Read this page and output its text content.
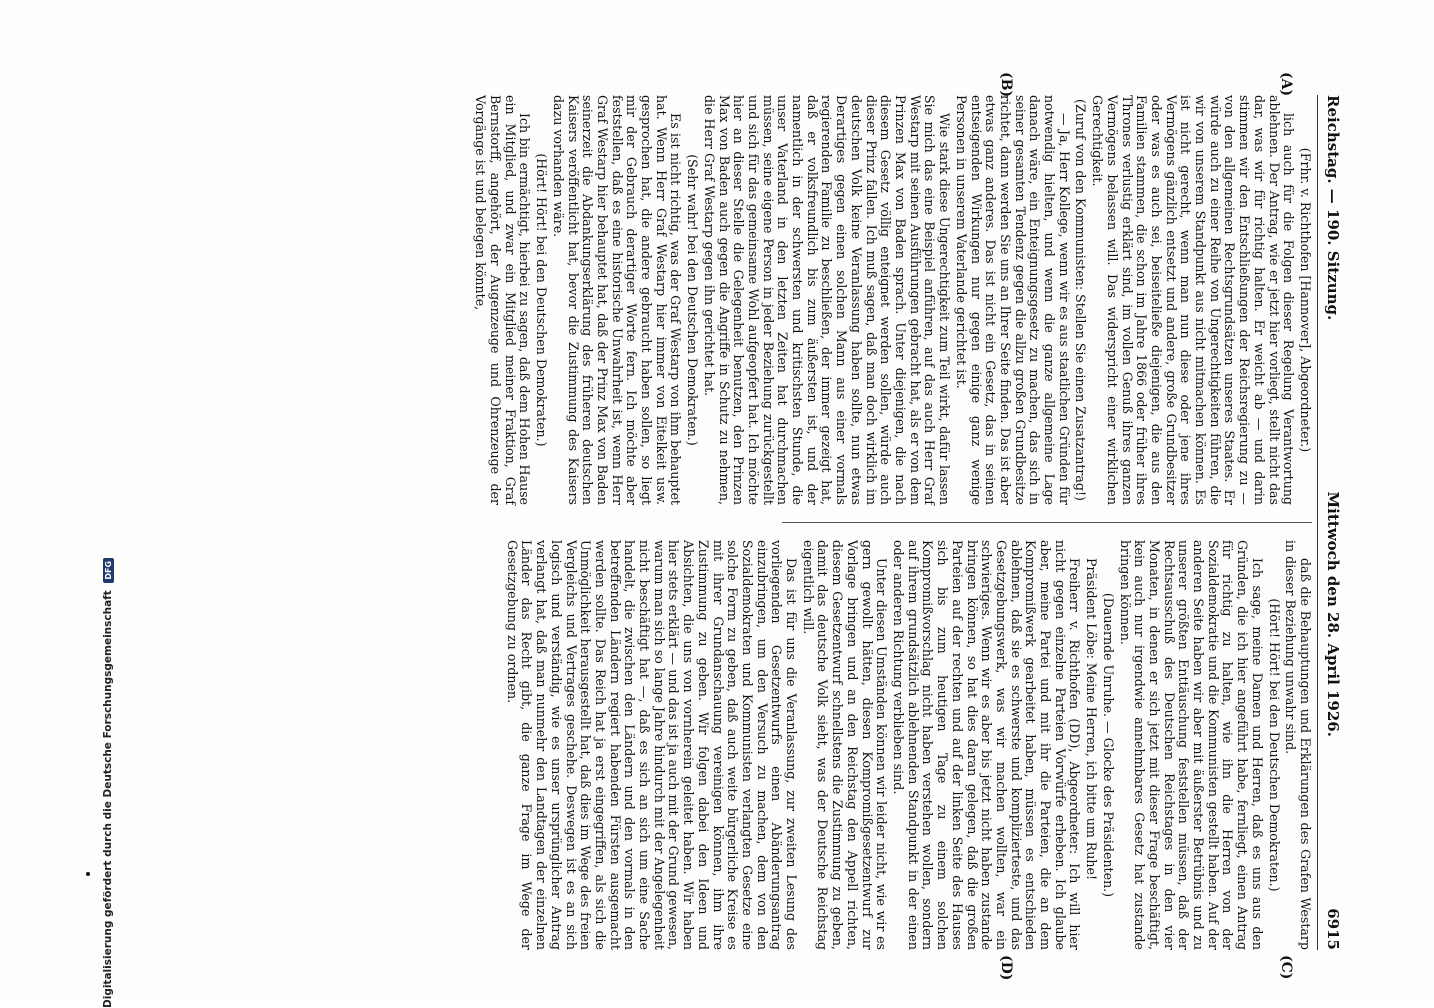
Reichstag. — 190. Sitzung.
Mittwoch den 28. April 1926.
6915
(A)
(B)
(C)
(D)

(Frhr. v. Richthofen [Hannover], Abgeordneter.)

lich auch für die Folgen dieser Regelung Verantwortung ablehnen. Der Antrag, wie er jetzt hier vorliegt, stellt nicht das dar, was wir für richtig halten. Er weicht ab — und darin stimmen wir den Entschließungen der Reichsregierung zu — von den allgemeinen Rechtsgrundsätzen unseres Staates. Er würde auch zu einer Reihe von Ungerechtigkeiten führen, die wir von unserem Standpunkt aus nicht mitmachen können. Es ist nicht gerecht, wenn man nun diese oder jene ihres Vermögens gänzlich entsetzt und andere, große Grundbesitzer oder was es auch sei, beiseiteließe diejenigen, die aus den Familien stammen, die schon im Jahre 1866 oder früher ihres Thrones verlustig erklärt sind, im vollen Genuß ihres ganzen Vermögens belassen will. Das widerspricht einer wirklichen Gerechtigkeit.

(Zuruf von den Kommunisten: Stellen Sie einen Zusatzantrag!)

— Ja, Herr Kollege, wenn wir es aus staatlichen Gründen für notwendig hielten, und wenn die ganze allgemeine Lage danach wäre, ein Enteignungsgesetz zu machen, das sich in seiner gesamten Tendenz gegen die allzu großen Grundbesitze richtet, dann werden Sie uns an Ihrer Seite finden. Das ist aber etwas ganz anderes. Das ist nicht ein Gesetz, das in seinen entseigenden Wirkungen nur gegen einige ganz wenige Personen in unserem Vaterlande gerichtet ist.

Wie stark diese Ungerechtigkeit zum Teil wirkt, dafür lassen Sie mich das eine Beispiel anführen, auf das auch Herr Graf Westarp mit seinen Ausführungen gebracht hat, als er von dem Prinzen Max von Baden sprach. Unter diejenigen, die nach diesem Gesetz völlig enteignet werden sollen, würde auch dieser Prinz fallen. Ich muß sagen, daß man doch wirklich im deutschen Volk keine Veranlassung haben sollte, nun etwas Derartiges gegen einen solchen Mann aus einer vormals regierenden Familie zu beschließen, der immer gezeigt hat, daß er volksfreundlich bis zum äußersten ist, und der namentlich in der schwersten und kritischsten Stunde, die unser Vaterland in den letzten Zeiten hat durchmachen müssen, seine eigene Person in jeder Beziehung zurückgestellt und sich für das gemeinsame Wohl aufgeopfert hat. Ich möchte hier an dieser Stelle die Gelegenheit benutzen, den Prinzen Max von Baden auch gegen die Angriffe in Schutz zu nehmen, die Herr Graf Westarp gegen ihn gerichtet hat.

(Sehr wahr! bei den Deutschen Demokraten.)

Es ist nicht richtig, was der Graf Westarp von ihm behauptet hat. Wenn Herr Graf Westarp hier immer von Eitelkeit usw. gesprochen hat, die andere gebraucht haben sollen, so liegt mir der Gebrauch derartiger Worte fern. Ich möchte aber feststellen, daß es eine historische Unwahrheit ist, wenn Herr Graf Westarp hier behauptet hat, daß der Prinz Max von Baden seinerzeit die Abdankungserklärung des früheren deutschen Kaisers veröffentlicht hat, bevor die Zustimmung des Kaisers dazu vorhanden wäre.

(Hört! Hört! bei den Deutschen Demokraten.)

Ich bin ermächtigt, hierbei zu sagen, daß dem Hohen Hause ein Mitglied, und zwar ein Mitglied meiner Fraktion, Graf Bernstorff, angehört, der Augenzeuge und Ohrenzeuge der Vorgänge ist und belegen könnte,

daß die Behauptungen und Erklärungen des Grafen Westarp in dieser Beziehung unwahr sind.

(Hört! Hört! bei den Deutschen Demokraten.)

Ich sage, meine Damen und Herren, daß es uns aus den Gründen, die ich hier angeführt habe, fernliegt, einen Antrag für richtig zu halten, wie ihn die Herren von der Sozialdemokratie und die Kommunisten gestellt haben. Auf der anderen Seite haben wir aber mit äußerster Betrübnis und zu unserer größten Enttäuschung feststellen müssen, daß der Rechtsausschuß des Deutschen Reichstages in den vier Monaten, in denen er sich jetzt mit dieser Frage beschäftigt, kein auch nur irgendwie annehmbares Gesetz hat zustande bringen können.

(Dauernde Unruhe. — Glocke des Präsidenten.)

Präsident Löbe: Meine Herren, ich bitte um Ruhe!

Freiherr v. Richthofen (DD), Abgeordneter: Ich will hier nicht gegen einzelne Parteien Vorwürfe erheben. Ich glaube aber, meine Partei und mit ihr die Parteien, die an dem Kompromißwerk gearbeitet haben, müssen es entschieden ablehnen, daß sie es schwerste und komplizierteste, und das Gesetzgebungswerk, was wir machen wollten, war ein schwieriges. Wenn wir es aber bis jetzt nicht haben zustande bringen können, so hat dies daran gelegen, daß die großen Parteien auf der rechten und auf der linken Seite des Hauses sich bis zum heutigen Tage zu einem solchen Kompromißvorschlag nicht haben verstehen wollen, sondern auf ihrem grundsätzlich ablehnenden Standpunkt in der einen oder anderen Richtung verblieben sind.

Unter diesen Umständen können wir leider nicht, wie wir es gern gewollt hätten, diesen Kompromißgesetzentwurf zur Vorlage bringen und an den Reichstag den Appell richten, diesem Gesetzentwurf schnellstens die Zustimmung zu geben, damit das deutsche Volk sieht, was der Deutsche Reichstag eigentlich will.

Das ist für uns die Veranlassung, zur zweiten Lesung des vorliegenden Gesetzentwurfs einen Abänderungsantrag einzubringen, um den Versuch zu machen, dem von den Sozialdemokraten und Kommunisten verlangten Gesetze eine solche Form zu geben, daß auch weite bürgerliche Kreise es mit ihrer Grundanschauung vereinigen können, ihm ihre Zustimmung zu geben. Wir folgen dabei den Ideen und Absichten, die uns von vornherein geleitet haben. Wir haben hier stets erklärt — und das ist ja auch mit der Grund gewesen, warum man sich so lange Jahre hindurch mit der Angelegenheit nicht beschäftigt hat —, daß es sich an sich um eine Sache handelt, die zwischen den Ländern und den vormals in den betreffenden Ländern regiert habenden Fürsten ausgemacht werden sollte. Das Reich hat ja erst eingegriffen, als sich die Unmöglichkeit herausgestellt hat, daß dies im Wege des freien Vergleichs und Vertrages geschehe. Deswegen ist es an sich logisch und verständig, wie es unser ursprünglicher Antrag verlangt hat, daß man nunmehr den Landtagen der einzelnen Länder das Recht gibt, die ganze Frage im Wege der Gesetzgebung zu ordnen.

Digitalisierung gefördert durch die Deutsche Forschungsgemeinschaft DFG
